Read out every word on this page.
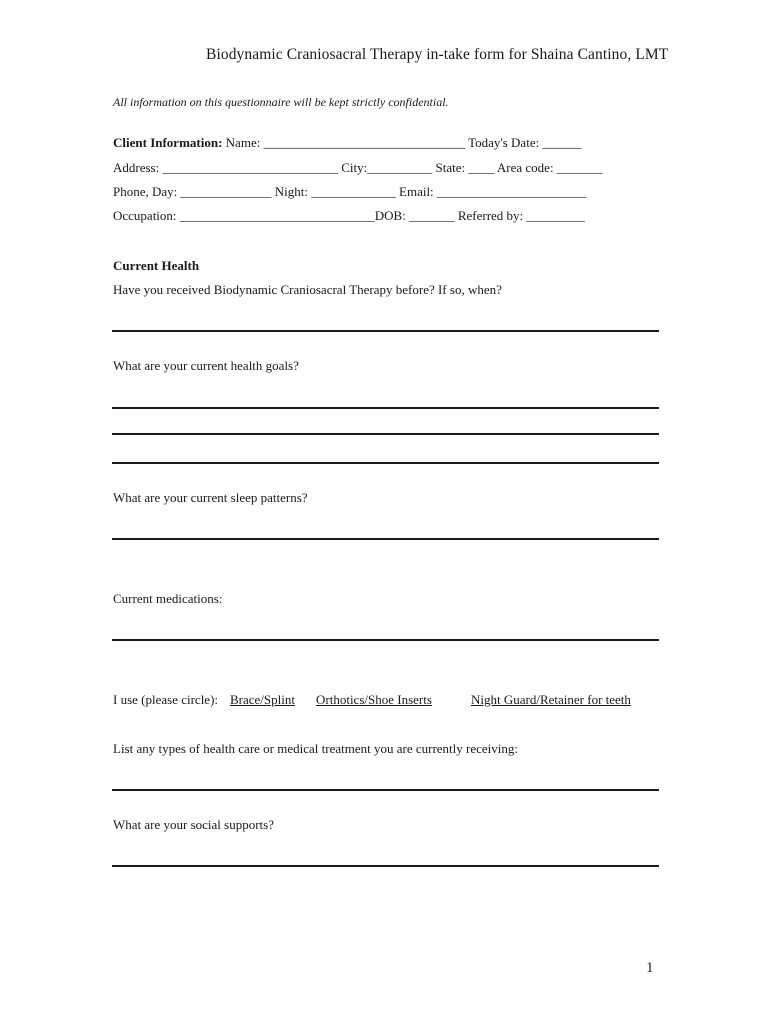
Biodynamic Craniosacral Therapy in-take form for Shaina Cantino, LMT
All information on this questionnaire will be kept strictly confidential.
Client Information: Name: _______________________________ Today's Date: ______
Address: ___________________________ City:__________ State: ____ Area code: _______
Phone, Day: ______________ Night: _____________ Email: _______________________
Occupation: ______________________________DOB: _______ Referred by: _________
Current Health
Have you received Biodynamic Craniosacral Therapy before? If so, when?
What are your current health goals?
What are your current sleep patterns?
Current medications:
I use (please circle): Brace/Splint Orthotics/Shoe Inserts	Night Guard/Retainer for teeth
List any types of health care or medical treatment you are currently receiving:
What are your social supports?
1
